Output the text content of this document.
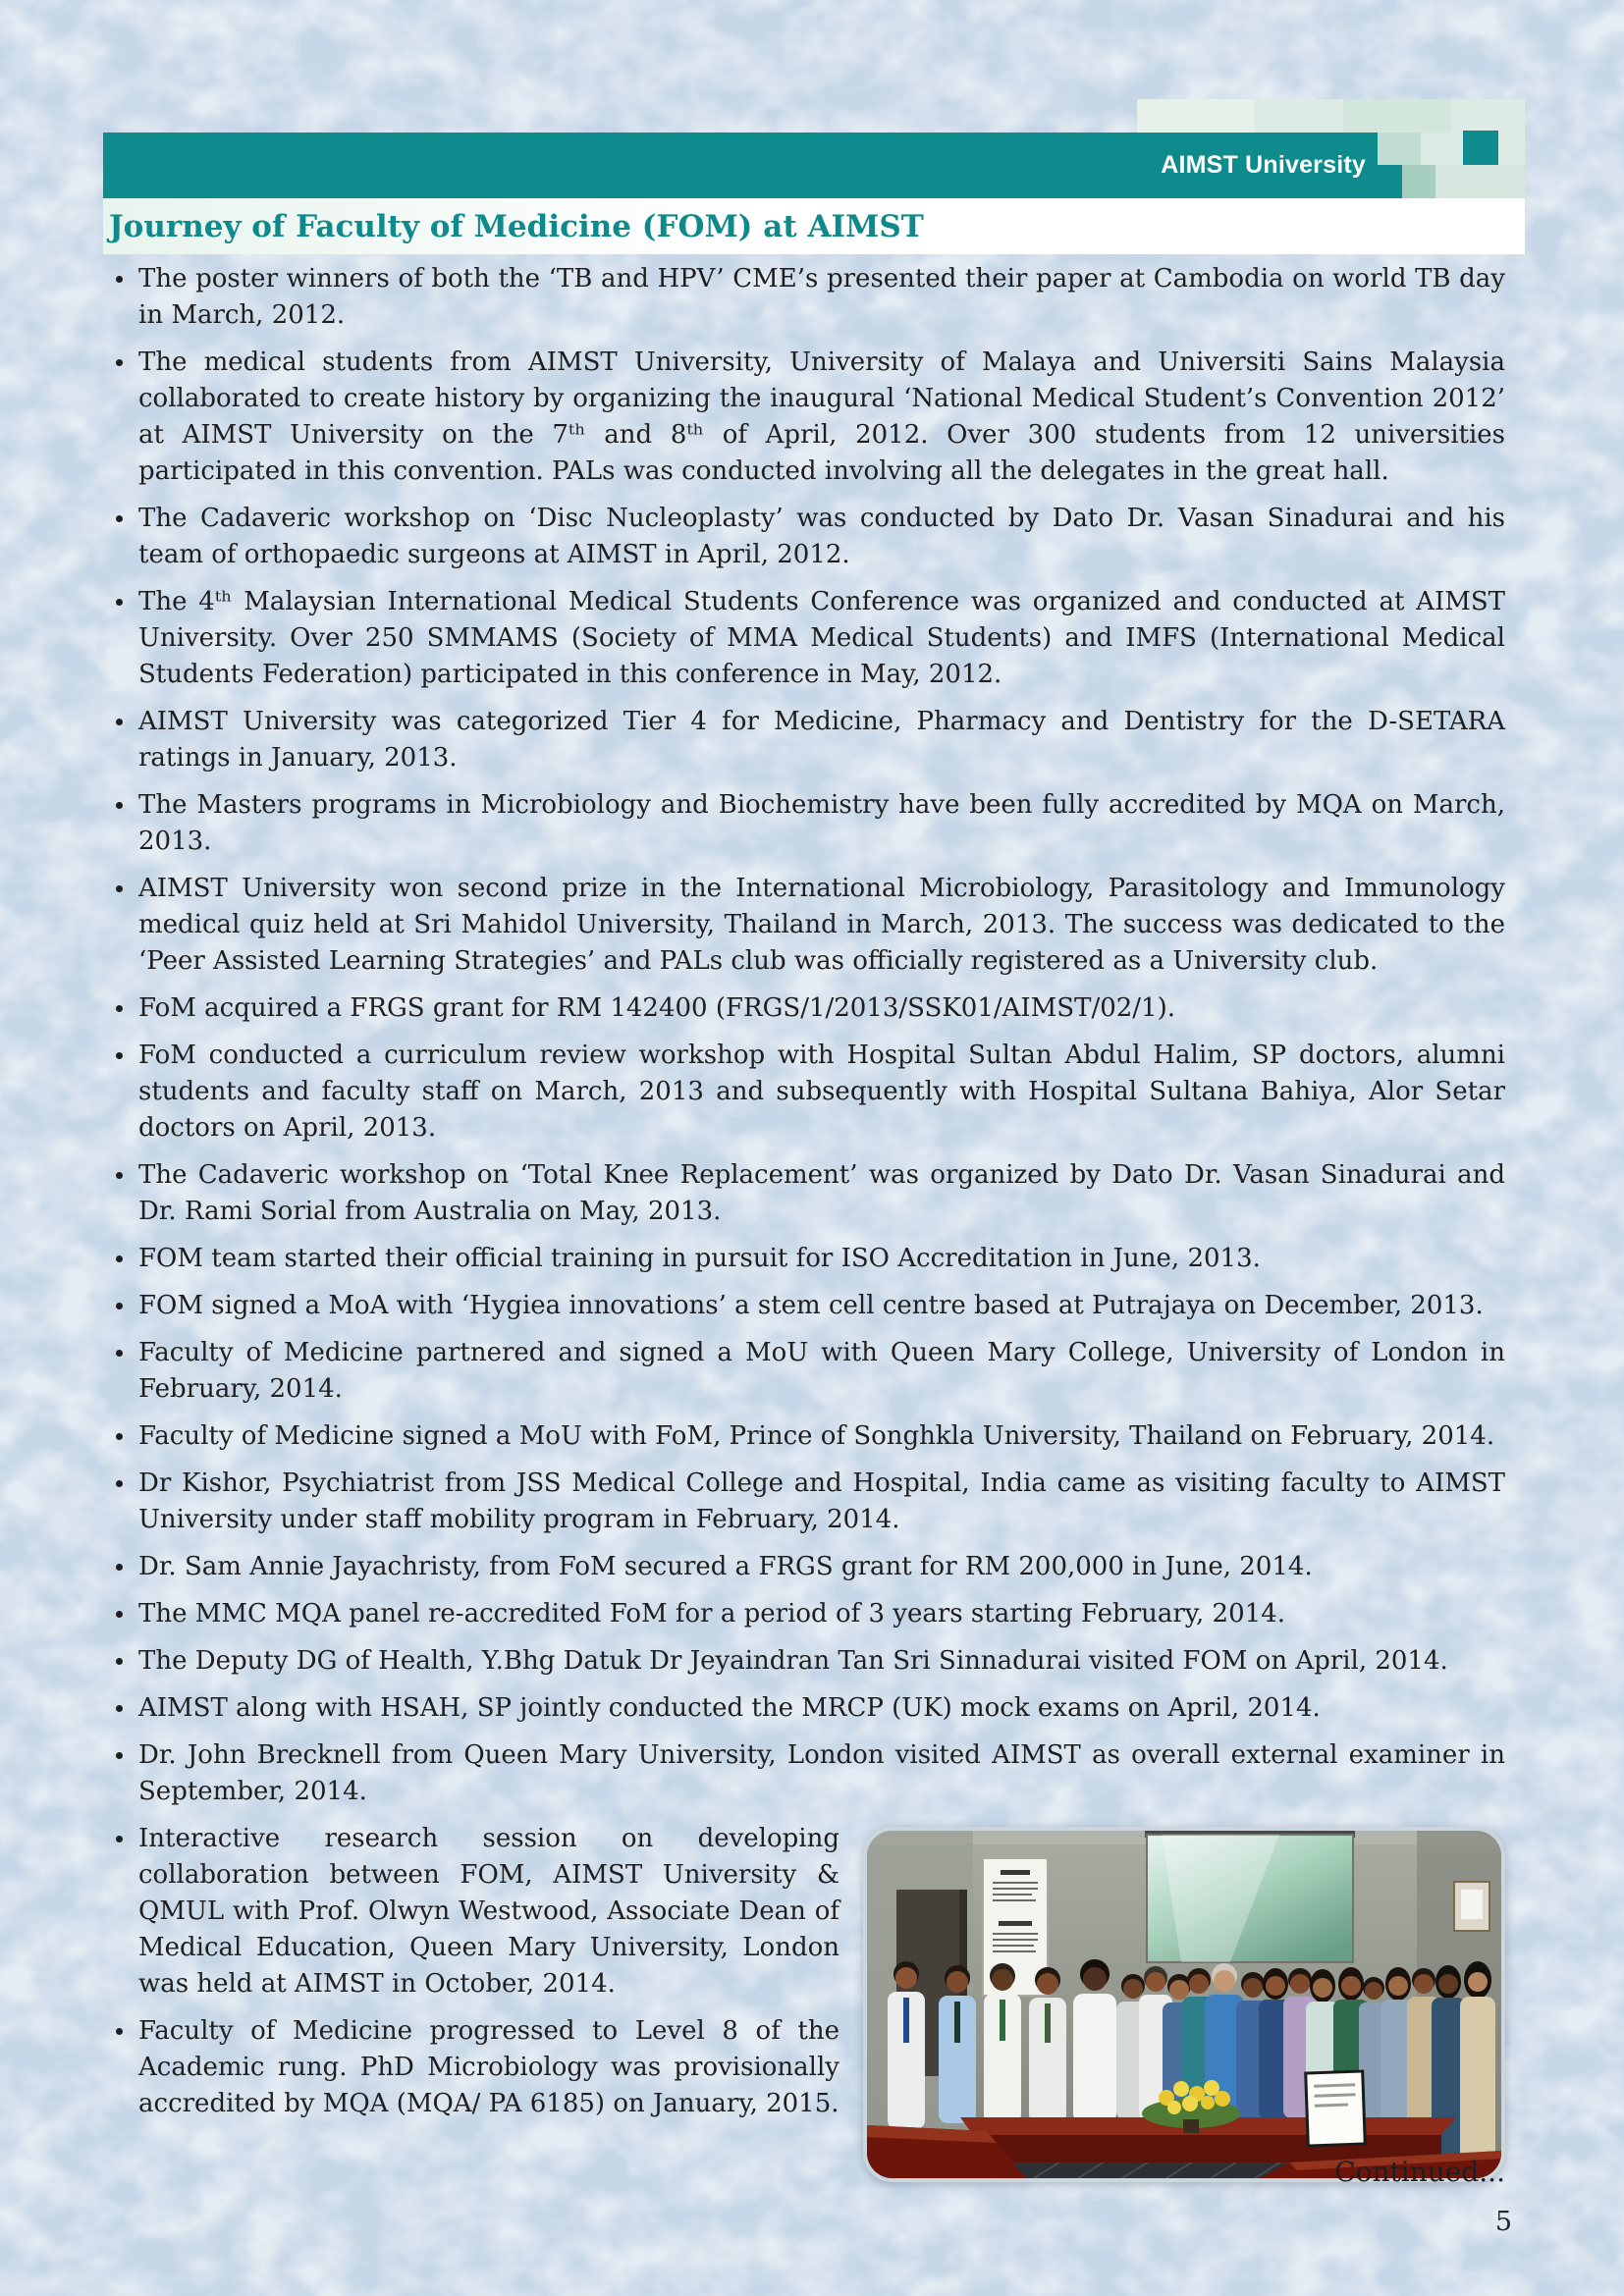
AIMST University
Journey of Faculty of Medicine (FOM) at AIMST
The poster winners of both the ‘TB and HPV’ CME’s presented their paper at Cambodia on world TB day in March, 2012.
The medical students from AIMST University, University of Malaya and Universiti Sains Malaysia collaborated to create history by organizing the inaugural ‘National Medical Student’s Convention 2012’ at AIMST University on the 7ᵗʰ and 8ᵗʰ of April, 2012. Over 300 students from 12 universities participated in this convention. PALs was conducted involving all the delegates in the great hall.
The Cadaveric workshop on ‘Disc Nucleoplasty’ was conducted by Dato Dr. Vasan Sinadurai and his team of orthopaedic surgeons at AIMST in April, 2012.
The 4ᵗʰ Malaysian International Medical Students Conference was organized and conducted at AIMST University. Over 250 SMMAMS (Society of MMA Medical Students) and IMFS (International Medical Students Federation) participated in this conference in May, 2012.
AIMST University was categorized Tier 4 for Medicine, Pharmacy and Dentistry for the D-SETARA ratings in January, 2013.
The Masters programs in Microbiology and Biochemistry have been fully accredited by MQA on March, 2013.
AIMST University won second prize in the International Microbiology, Parasitology and Immunology medical quiz held at Sri Mahidol University, Thailand in March, 2013. The success was dedicated to the ‘Peer Assisted Learning Strategies’ and PALs club was officially registered as a University club.
FoM acquired a FRGS grant for RM 142400 (FRGS/1/2013/SSK01/AIMST/02/1).
FoM conducted a curriculum review workshop with Hospital Sultan Abdul Halim, SP doctors, alumni students and faculty staff on March, 2013 and subsequently with Hospital Sultana Bahiya, Alor Setar doctors on April, 2013.
The Cadaveric workshop on ‘Total Knee Replacement’ was organized by Dato Dr. Vasan Sinadurai and Dr. Rami Sorial from Australia on May, 2013.
FOM team started their official training in pursuit for ISO Accreditation in June, 2013.
FOM signed a MoA with ‘Hygiea innovations’ a stem cell centre based at Putrajaya on December, 2013.
Faculty of Medicine partnered and signed a MoU with Queen Mary College, University of London in February, 2014.
Faculty of Medicine signed a MoU with FoM, Prince of Songhkla University, Thailand on February, 2014.
Dr Kishor, Psychiatrist from JSS Medical College and Hospital, India came as visiting faculty to AIMST University under staff mobility program in February, 2014.
Dr. Sam Annie Jayachristy, from FoM secured a FRGS grant for RM 200,000 in June, 2014.
The MMC MQA panel re-accredited FoM for a period of 3 years starting February, 2014.
The Deputy DG of Health, Y.Bhg Datuk Dr Jeyaindran Tan Sri Sinnadurai visited FOM on April, 2014.
AIMST along with HSAH, SP jointly conducted the MRCP (UK) mock exams on April, 2014.
Dr. John Brecknell from Queen Mary University, London visited AIMST as overall external examiner in September, 2014.
Interactive research session on developing collaboration between FOM, AIMST University & QMUL with Prof. Olwyn Westwood, Associate Dean of Medical Education, Queen Mary University, London was held at AIMST in October, 2014.
Faculty of Medicine progressed to Level 8 of the Academic rung. PhD Microbiology was provisionally accredited by MQA (MQA/ PA 6185) on January, 2015.
Continued...
5
